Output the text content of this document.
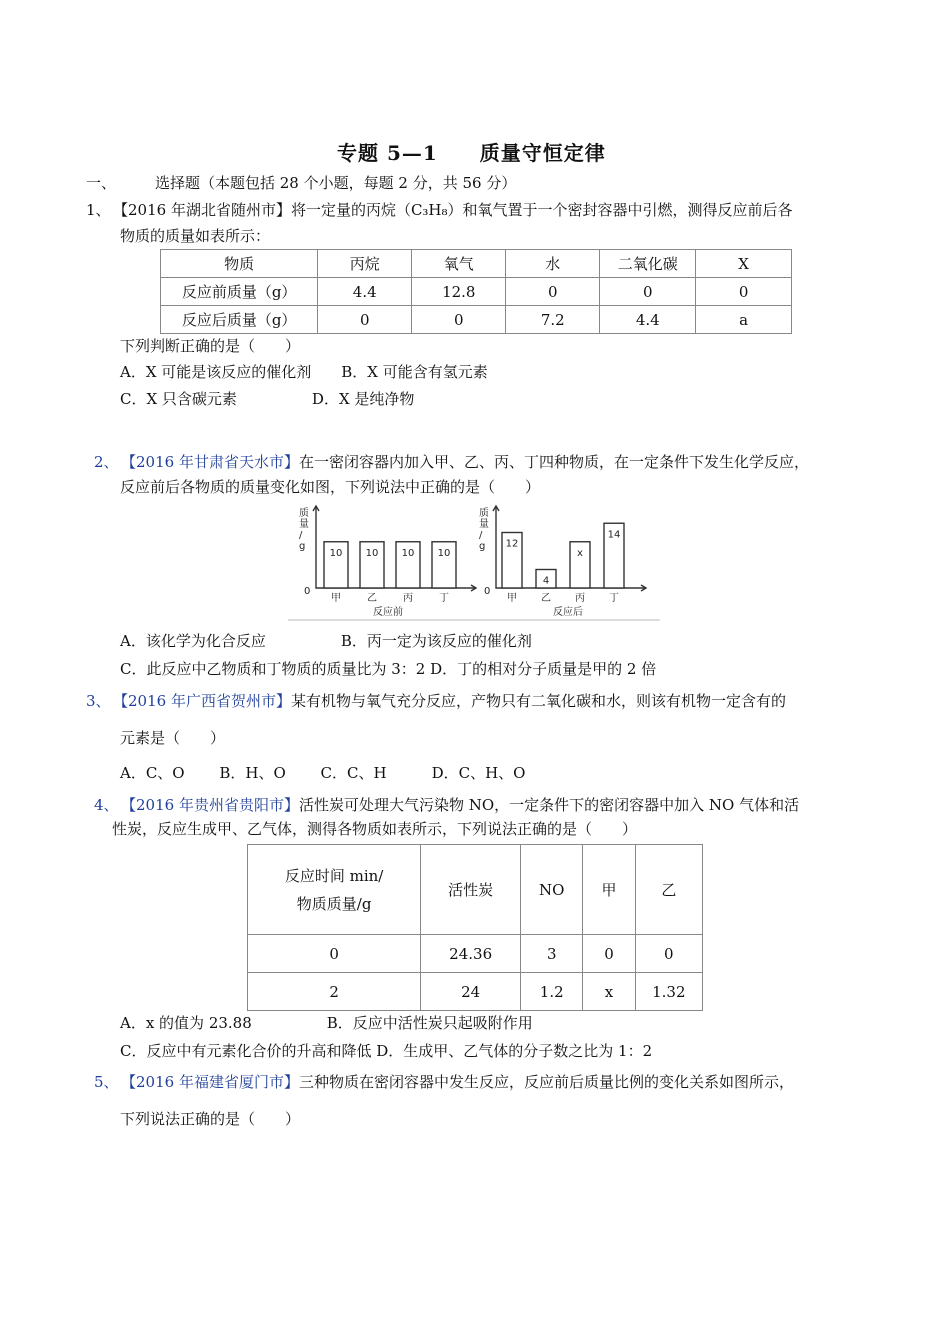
专题 5—1　　质量守恒定律
一、	选择题（本题包括 28 个小题，每题 2 分，共 56 分）
1、 【2016 年湖北省随州市】将一定量的丙烷（C₃H₈）和氧气置于一个密封容器中引燃，测得反应前后各
物质的质量如表所示：
物质	丙烷	氧气	水	二氧化碳	X
反应前质量（g）	4.4	12.8	0	0	0
反应后质量（g）	0	0	7.2	4.4	a
下列判断正确的是（　　）
A．X 可能是该反应的催化剂　　B．X 可能含有氢元素
C．X 只含碳元素　　　　　D．X 是纯净物
2、 【2016 年甘肃省天水市】在一密闭容器内加入甲、乙、丙、丁四种物质，在一定条件下发生化学反应，
反应前后各物质的质量变化如图，下列说法中正确的是（　　）
质量/ g
0
10
甲
10
乙
10
丙
10
丁
反应前
质量/ g
0
12
甲
4
乙
x
丙
14
丁
反应后
A．该化学为化合反应　　　　　B．丙一定为该反应的催化剂
C．此反应中乙物质和丁物质的质量比为 3：2 D．丁的相对分子质量是甲的 2 倍
3、 【2016 年广西省贺州市】某有机物与氧气充分反应，产物只有二氧化碳和水，则该有机物一定含有的
元素是（　　）
A．C、O　　 B．H、O　　 C．C、H　　　D．C、H、O
4、 【2016 年贵州省贵阳市】活性炭可处理大气污染物 NO，一定条件下的密闭容器中加入 NO 气体和活
性炭，反应生成甲、乙气体，测得各物质如表所示，下列说法正确的是（　　）
反应时间 min/
物质质量/g	活性炭	NO	甲	乙
0	24.36	3	0	0
2	24	1.2	x	1.32
A．x 的值为 23.88　　　　　B．反应中活性炭只起吸附作用
C．反应中有元素化合价的升高和降低 D．生成甲、乙气体的分子数之比为 1：2
5、 【2016 年福建省厦门市】三种物质在密闭容器中发生反应，反应前后质量比例的变化关系如图所示，
下列说法正确的是（　　）
